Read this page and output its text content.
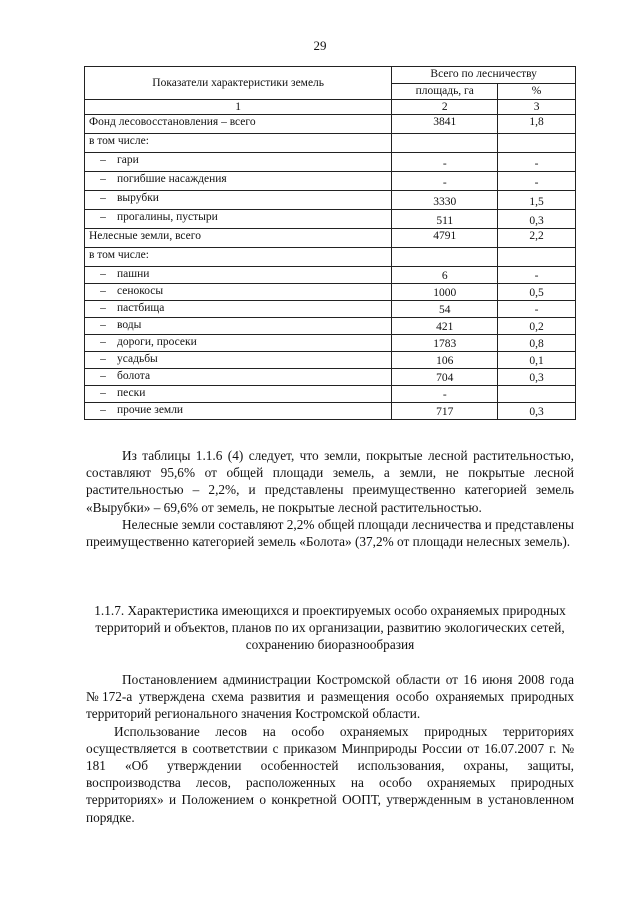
29
Показатели характеристики земель	Всего по лесничеству	
	площадь, га	%
1	2	3
Фонд лесовосстановления – всего	3841	1,8
в том числе:		
– гари	-	-
– погибшие насаждения	-	-
– вырубки	3330	1,5
– прогалины, пустыри	511	0,3
Нелесные земли, всего	4791	2,2
в том числе:		
– пашни	6	-
– сенокосы	1000	0,5
– пастбища	54	-
– воды	421	0,2
– дороги, просеки	1783	0,8
– усадьбы	106	0,1
– болота	704	0,3
– пески	-	
– прочие земли	717	0,3

Из таблицы 1.1.6 (4) следует, что земли, покрытые лесной растительностью, составляют 95,6% от общей площади земель, а земли, не покрытые лесной растительностью – 2,2%, и представлены преимущественно категорией земель «Вырубки» – 69,6% от земель, не покрытые лесной растительностью.

Нелесные земли составляют 2,2% общей площади лесничества и представлены преимущественно категорией земель «Болота» (37,2% от площади нелесных земель).

1.1.7. Характеристика имеющихся и проектируемых особо охраняемых природных территорий и объектов, планов по их организации, развитию экологических сетей, сохранению биоразнообразия

Постановлением администрации Костромской области от 16 июня 2008 года №172-а утверждена схема развития и размещения особо охраняемых природных территорий регионального значения Костромской области.

Использование лесов на особо охраняемых природных территориях осуществляется в соответствии с приказом Минприроды России от 16.07.2007 г. № 181 «Об утверждении особенностей использования, охраны, защиты, воспроизводства лесов, расположенных на особо охраняемых природных территориях» и Положением о конкретной ООПТ, утвержденным в установленном порядке.
